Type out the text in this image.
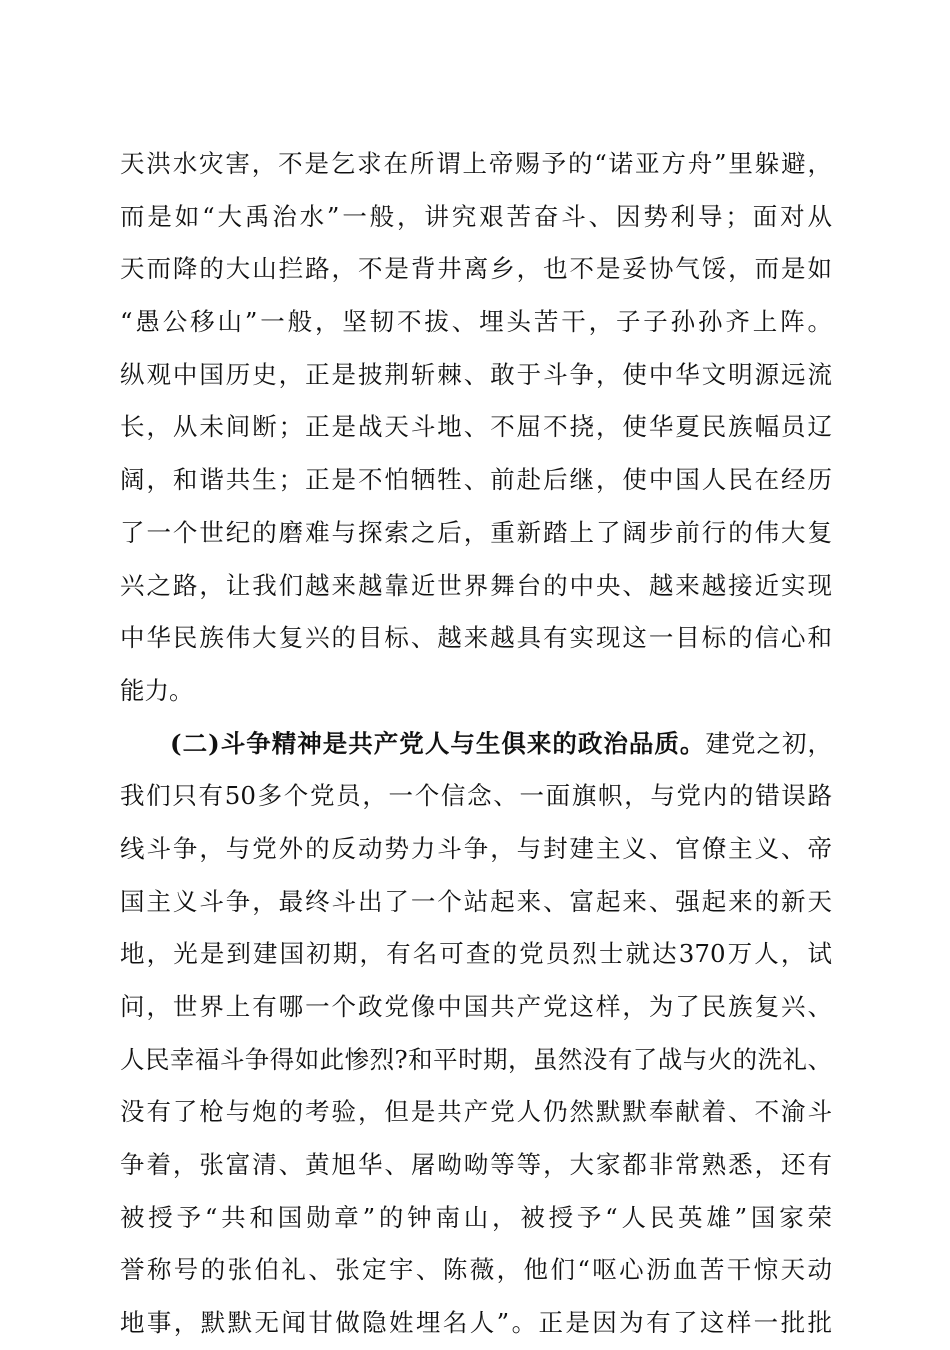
天洪水灾害，不是乞求在所谓上帝赐予的“诺亚方舟”里躲避，
而是如“大禹治水”一般，讲究艰苦奋斗、因势利导；面对从
天而降的大山拦路，不是背井离乡，也不是妥协气馁，而是如
“愚公移山”一般，坚韧不拔、埋头苦干，子子孙孙齐上阵。
纵观中国历史，正是披荆斩棘、敢于斗争，使中华文明源远流
长，从未间断；正是战天斗地、不屈不挠，使华夏民族幅员辽
阔，和谐共生；正是不怕牺牲、前赴后继，使中国人民在经历
了一个世纪的磨难与探索之后，重新踏上了阔步前行的伟大复
兴之路，让我们越来越靠近世界舞台的中央、越来越接近实现
中华民族伟大复兴的目标、越来越具有实现这一目标的信心和
能力。
(二)斗争精神是共产党人与生俱来的政治品质。建党之初，
我们只有50多个党员，一个信念、一面旗帜，与党内的错误路
线斗争，与党外的反动势力斗争，与封建主义、官僚主义、帝
国主义斗争，最终斗出了一个站起来、富起来、强起来的新天
地，光是到建国初期，有名可查的党员烈士就达370万人，试
问，世界上有哪一个政党像中国共产党这样，为了民族复兴、
人民幸福斗争得如此惨烈?和平时期，虽然没有了战与火的洗礼、
没有了枪与炮的考验，但是共产党人仍然默默奉献着、不渝斗
争着，张富清、黄旭华、屠呦呦等等，大家都非常熟悉，还有
被授予“共和国勋章”的钟南山，被授予“人民英雄”国家荣
誉称号的张伯礼、张定宇、陈薇，他们“呕心沥血苦干惊天动
地事，默默无闻甘做隐姓埋名人”。正是因为有了这样一批批
